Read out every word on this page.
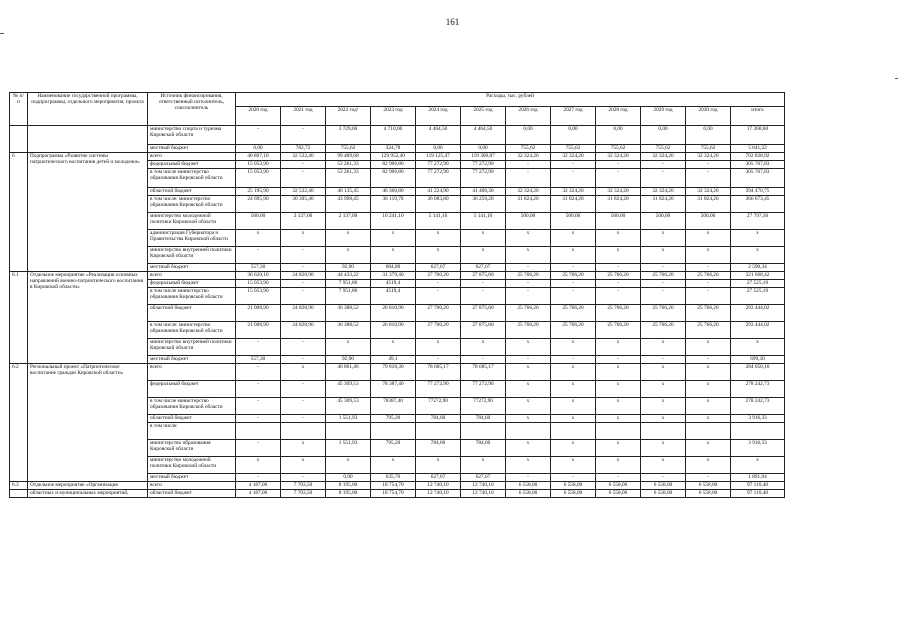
161
№ п/п	Наименование государственной программы, подпрограммы, отдельного мероприятия, проекта	Источник финансирования, ответственный исполнитель, соисполнитель	Расходы, тыс. рублей											
			2020 год	2021 год	2022 год¹	2023 год	2024 год	2025 год	2026 год	2027 год	2028 год	2029 год	2030 год	итого
		министерство спорта и туризма Кировской области	-	-	3 729,60	4 710,00	4 464,50	4 464,50	0,00	0,00	0,00	0,00	0,00	17 368,60
		местный бюджет	0,00	782,72	755,62	324,78	0,00	0,00	755,62	755,62	755,62	755,62	755,62	5 641,22
6	Подпрограмма «Развитие системы патриотического воспитания детей и молодежи»	всего	40 807,10	32 532,40	99 489,68	129 952,40	119 125,47	119 300,87	32 324,20	32 324,20	32 324,20	32 324,20	32 324,20	702 828,92
		федеральный бюджет	15 053,90	-	53 261,33	82 906,80	77 272,90	77 272,90	-	-	-	-	-	305 767,83
		в том числе министерство образования Кировской области	15 053,90	-	53 261,33	82 906,80	77 272,90	77 272,90	-	-	-	-	-	305 767,83
		областной бюджет	25 195,90	32 532,40	46 135,45	46 360,80	41 224,90	41 400,30	32 324,20	32 324,20	32 324,20	32 324,20	32 324,20	394 470,75
		в том числе: министерство образования Кировской области	24 695,90	30 395,40	43 998,45	36 119,70	36 083,80	36 259,20	31 824,20	31 824,20	31 824,20	31 824,20	31 824,20	366 673,45
		министерство молодежной политики Кировской области	500,00	2 137,00	2 137,00	10 241,10	5 141,10	5 141,10	500,00	500,00	500,00	500,00	500,00	27 797,30
		администрация Губернатора и Правительства Кировской области	x	x	x	x	x	x	x	x	x	x	x	x
		министерство внутренней политики Кировской области	-	-	x	x	x	x	x	x	x	x	x	x
		местный бюджет	557,30	-	92,90	684,80	627,67	627,67	-	-	-	-	-	2 590,34
6.1	Отдельное мероприятие «Реализация основных направлений военно-патриотического воспитания в Кировской области»	всего	36 620,10	24 828,90	44 433,22	31 379,40	27 700,20	27 875,60	25 766,20	25 766,20	25 766,20	25 766,20	25 766,20	321 668,42
		федеральный бюджет	15 053,90	-	7 951,80	4519,4	-	-	-	-	-	-	-	27 525,10
		в том числе министерство образования Кировской области	15 053,90	-	7 951,80	4519,4	-	-	-	-	-	-	-	27 525,10
		областной бюджет	21 008,90	24 828,90	36 388,52	26 810,90	27 700,20	27 875,60	25 766,20	25 766,20	25 766,20	25 766,20	25 766,20	293 444,02
		в том числе: министерство образования Кировской области	21 008,90	24 828,90	36 388,52	26 810,90	27 700,20	27 875,60	25 766,20	25 766,20	25 766,20	25 766,20	25 766,20	293 444,02
		министерство внутренней политики Кировской области	-	-	x	x	x	x	x	x	x	x	x	x
		местный бюджет	557,30	-	92,90	49,1	-	-	-	-	-	-	-	699,30
6.2	Региональный проект «Патриотическое воспитание граждан Кировской области»	всего	-	x	46 861,46	79 818,30	78 685,17	78 685,17	x	x	x	x	x	284 050,10
		федеральный бюджет	-	-	45 309,53	78 387,40	77 272,90	77 272,90	x	x	x	x	x	278 242,73
		в том числе министерство образования Кировской области	-	-	45 309,53	78387,40	77272,90	77272,90	x	x	x	x	x	278 242,73
		областной бюджет	-	-	1 551,93	795,20	784,60	784,60	x	x	x	x	x	3 916,33
		в том числе:												
		министерство образования Кировской области	-	x	1 551,93	795,20	784,60	784,60	x	x	x	x	x	3 916,33
		министерство молодежной политики Кировской области	x	x	x	x	x	x	x	x	x	x	x	x
		местный бюджет	-	-	0,00	635,70	627,67	627,67	-	-	-	-	-	1 891,04
6.3	Отдельное мероприятие «Организация	всего	4 187,00	7 703,50	8 195,00	18 754,70	12 740,10	12 740,10	6 558,00	6 558,00	6 558,00	6 558,00	6 558,00	97 110,40
	областных и муниципальных мероприятий,	областной бюджет	4 187,00	7 703,50	8 195,00	18 754,70	12 740,10	12 740,10	6 558,00	6 558,00	6 558,00	6 558,00	6 558,00	97 110,40
